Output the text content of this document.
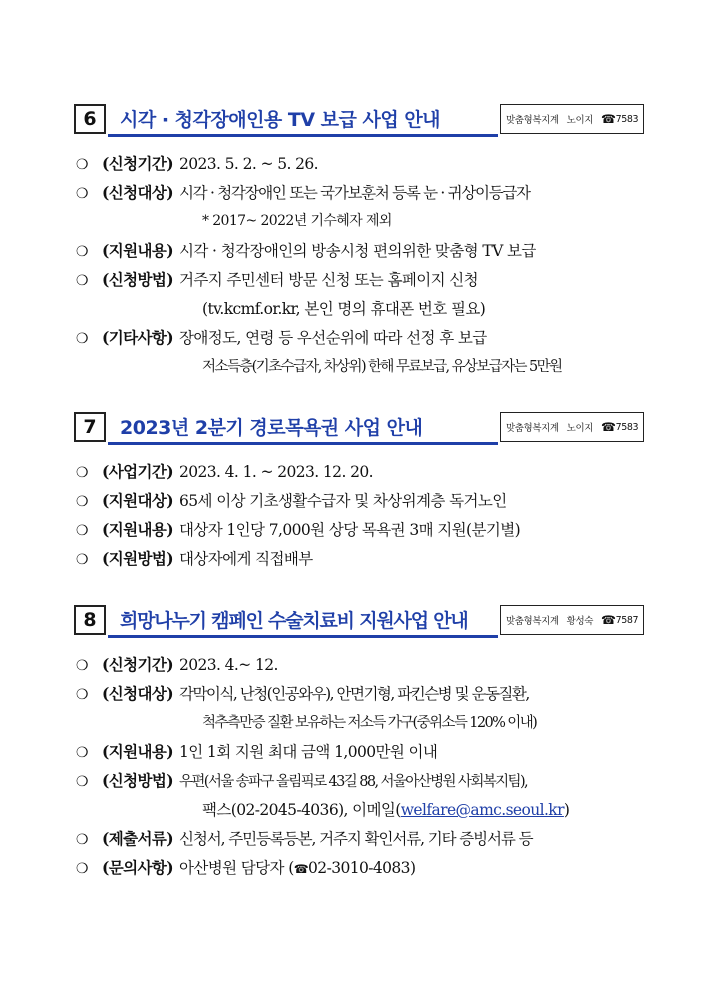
6	시각 · 청각장애인용 TV 보급 사업 안내	맞춤형복지계 노이지 ☎ 7583
❍ (신청기간) 2023. 5. 2. ~ 5. 26.
❍ (신청대상) 시각 · 청각장애인 또는 국가보훈처 등록 눈 · 귀상이등급자
* 2017~ 2022년 기수혜자 제외
❍ (지원내용) 시각 · 청각장애인의 방송시청 편의위한 맞춤형 TV 보급
❍ (신청방법) 거주지 주민센터 방문 신청 또는 홈페이지 신청
(tv.kcmf.or.kr, 본인 명의 휴대폰 번호 필요)
❍ (기타사항) 장애정도, 연령 등 우선순위에 따라 선정 후 보급
저소득층(기초수급자, 차상위) 한해 무료보급, 유상보급자는 5만원
7	2023년 2분기 경로목욕권 사업 안내	맞춤형복지계 노이지 ☎ 7583
❍ (사업기간) 2023. 4. 1. ~ 2023. 12. 20.
❍ (지원대상) 65세 이상 기초생활수급자 및 차상위계층 독거노인
❍ (지원내용) 대상자 1인당 7,000원 상당 목욕권 3매 지원(분기별)
❍ (지원방법) 대상자에게 직접배부
8	희망나누기 캠페인 수술치료비 지원사업 안내	맞춤형복지계 황성숙 ☎ 7587
❍ (신청기간) 2023. 4.~ 12.
❍ (신청대상) 각막이식, 난청(인공와우), 안면기형, 파킨슨병 및 운동질환,
척추측만증 질환 보유하는 저소득 가구(중위소득 120% 이내)
❍ (지원내용) 1인 1회 지원 최대 금액 1,000만원 이내
❍ (신청방법) 우편(서울 송파구 올림픽로 43길 88, 서울아산병원 사회복지팀),
팩스(02-2045-4036), 이메일(welfare@amc.seoul.kr)
❍ (제출서류) 신청서, 주민등록등본, 거주지 확인서류, 기타 증빙서류 등
❍ (문의사항) 아산병원 담당자 (☎02-3010-4083)
